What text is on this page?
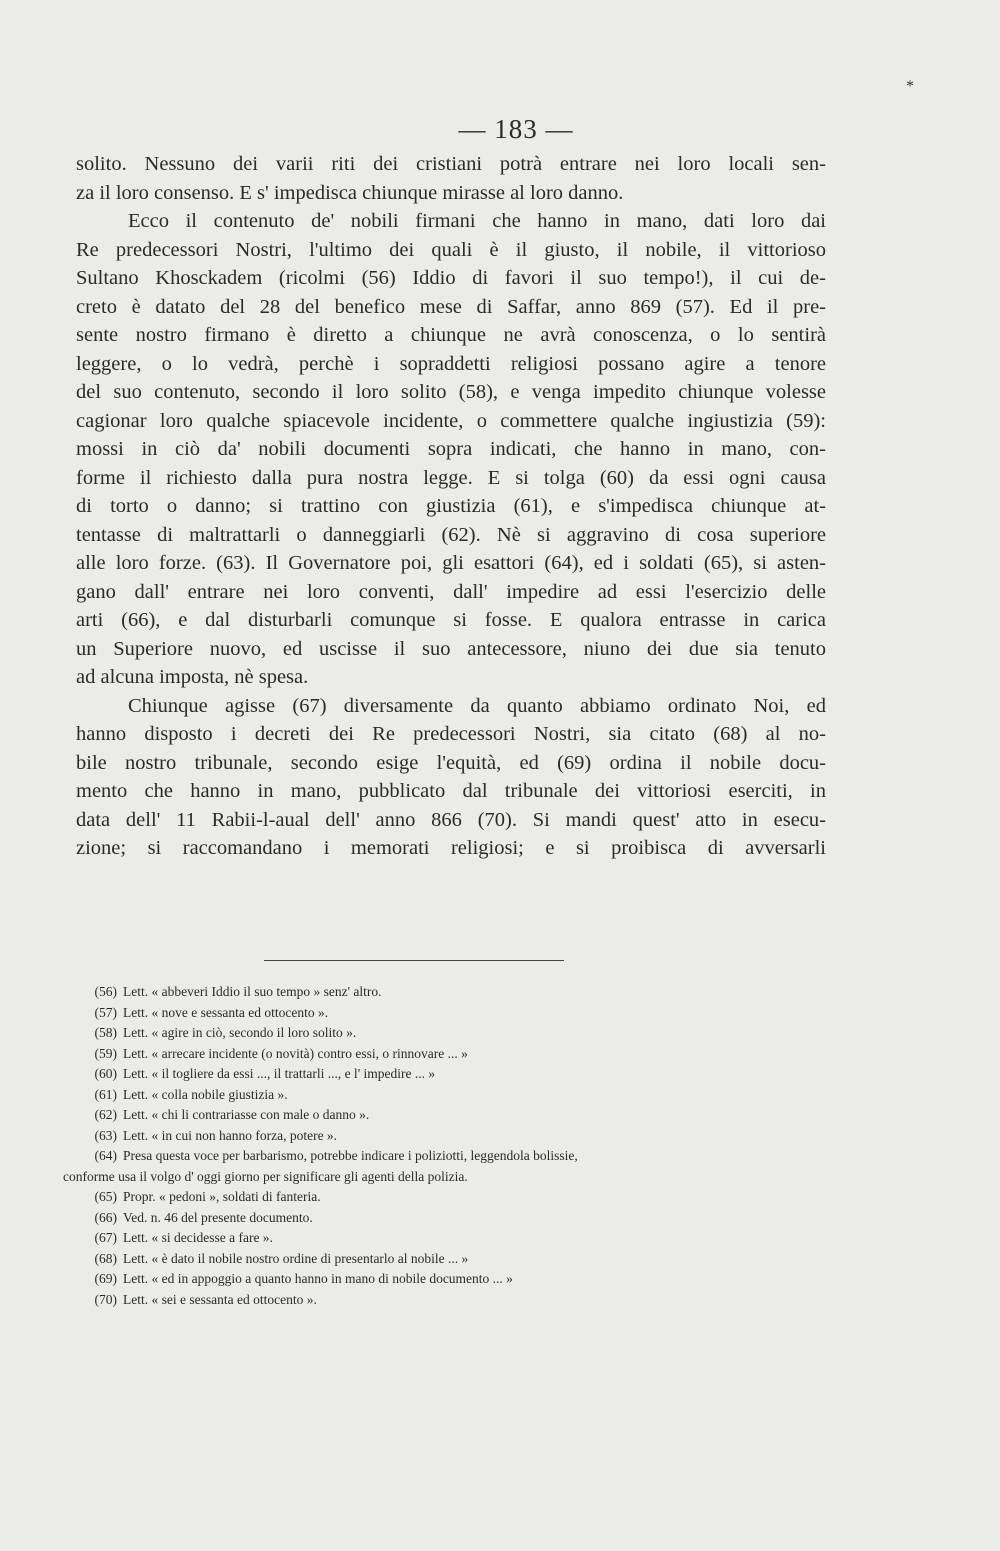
*
— 183 —
solito. Nessuno dei varii riti dei cristiani potrà entrare nei loro locali sen-
za il loro consenso. E s' impedisca chiunque mirasse al loro danno.
Ecco il contenuto de' nobili firmani che hanno in mano, dati loro dai
Re predecessori Nostri, l'ultimo dei quali è il giusto, il nobile, il vittorioso
Sultano Khosckadem (ricolmi (56) Iddio di favori il suo tempo!), il cui de-
creto è datato del 28 del benefico mese di Saffar, anno 869 (57). Ed il pre-
sente nostro firmano è diretto a chiunque ne avrà conoscenza, o lo sentirà
leggere, o lo vedrà, perchè i sopraddetti religiosi possano agire a tenore
del suo contenuto, secondo il loro solito (58), e venga impedito chiunque volesse
cagionar loro qualche spiacevole incidente, o commettere qualche ingiustizia (59):
mossi in ciò da' nobili documenti sopra indicati, che hanno in mano, con-
forme il richiesto dalla pura nostra legge. E si tolga (60) da essi ogni causa
di torto o danno; si trattino con giustizia (61), e s'impedisca chiunque at-
tentasse di maltrattarli o danneggiarli (62). Nè si aggravino di cosa superiore
alle loro forze. (63). Il Governatore poi, gli esattori (64), ed i soldati (65), si asten-
gano dall' entrare nei loro conventi, dall' impedire ad essi l'esercizio delle
arti (66), e dal disturbarli comunque si fosse. E qualora entrasse in carica
un Superiore nuovo, ed uscisse il suo antecessore, niuno dei due sia tenuto
ad alcuna imposta, nè spesa.
Chiunque agisse (67) diversamente da quanto abbiamo ordinato Noi, ed
hanno disposto i decreti dei Re predecessori Nostri, sia citato (68) al no-
bile nostro tribunale, secondo esige l'equità, ed (69) ordina il nobile docu-
mento che hanno in mano, pubblicato dal tribunale dei vittoriosi eserciti, in
data dell' 11 Rabii-l-aual dell' anno 866 (70). Si mandi quest' atto in esecu-
zione; si raccomandano i memorati religiosi; e si proibisca di avversarli
(56) Lett. « abbeveri Iddio il suo tempo » senz' altro.
(57) Lett. « nove e sessanta ed ottocento ».
(58) Lett. « agire in ciò, secondo il loro solito ».
(59) Lett. « arrecare incidente (o novità) contro essi, o rinnovare ... »
(60) Lett. « il togliere da essi ..., il trattarli ..., e l' impedire ... »
(61) Lett. « colla nobile giustizia ».
(62) Lett. « chi li contrariasse con male o danno ».
(63) Lett. « in cui non hanno forza, potere ».
(64) Presa questa voce per barbarismo, potrebbe indicare i poliziotti, leggendola bolissie,
conforme usa il volgo d' oggi giorno per significare gli agenti della polizia.
(65) Propr. « pedoni », soldati di fanteria.
(66) Ved. n. 46 del presente documento.
(67) Lett. « si decidesse a fare ».
(68) Lett. « è dato il nobile nostro ordine di presentarlo al nobile ... »
(69) Lett. « ed in appoggio a quanto hanno in mano di nobile documento ... »
(70) Lett. « sei e sessanta ed ottocento ».
